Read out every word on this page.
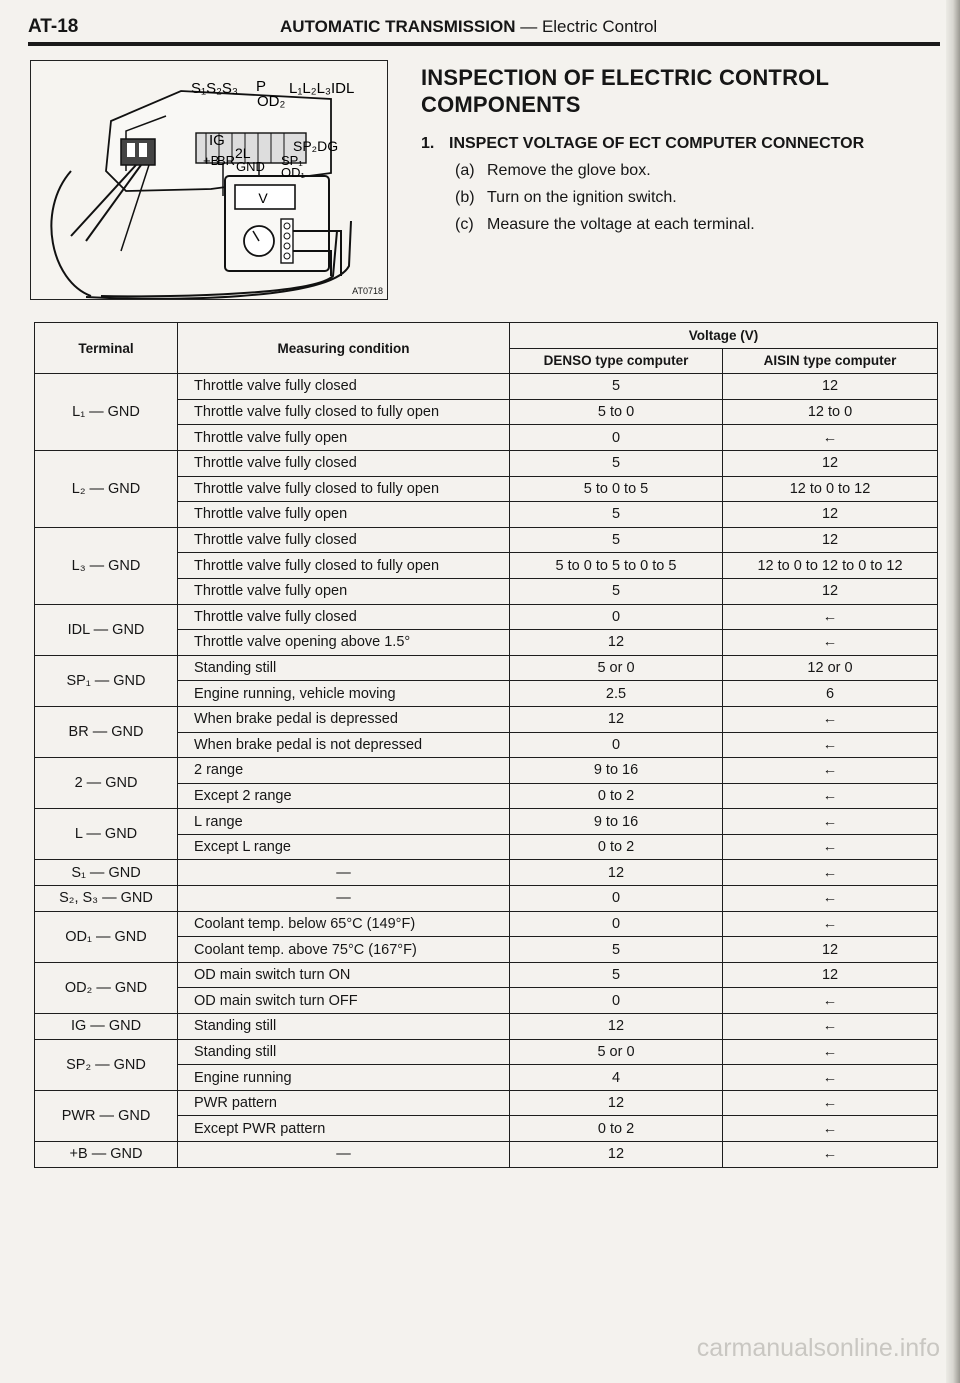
AT-18	AUTOMATIC TRANSMISSION — Electric Control
V
S₁S₂S₃ P L₁L₂L₃IDL
OD₂
IG
2L	SP₂DG
+B
BR GND SP₁
OD₁
AT0718
INSPECTION OF ELECTRIC CONTROL
COMPONENTS
1. INSPECT VOLTAGE OF ECT COMPUTER CONNECTOR
(a) Remove the glove box.
(b) Turn on the ignition switch.
(c) Measure the voltage at each terminal.
Terminal	Measuring condition	Voltage (V)	
		DENSO type computer	AISIN type computer
L₁ — GND	Throttle valve fully closed	5	12
	Throttle valve fully closed to fully open	5 to 0	12 to 0
	Throttle valve fully open	0	←
L₂ — GND	Throttle valve fully closed	5	12
	Throttle valve fully closed to fully open	5 to 0 to 5	12 to 0 to 12
	Throttle valve fully open	5	12
L₃ — GND	Throttle valve fully closed	5	12
	Throttle valve fully closed to fully open	5 to 0 to 5 to 0 to 5	12 to 0 to 12 to 0 to 12
	Throttle valve fully open	5	12
IDL — GND	Throttle valve fully closed	0	←
	Throttle valve opening above 1.5°	12	←
SP₁ — GND	Standing still	5 or 0	12 or 0
	Engine running, vehicle moving	2.5	6
BR — GND	When brake pedal is depressed	12	←
	When brake pedal is not depressed	0	←
2 — GND	2 range	9 to 16	←
	Except 2 range	0 to 2	←
L — GND	L range	9 to 16	←
	Except L range	0 to 2	←
S₁ — GND	—	12	←
S₂, S₃ — GND	—	0	←
OD₁ — GND	Coolant temp. below 65°C (149°F)	0	←
	Coolant temp. above 75°C (167°F)	5	12
OD₂ — GND	OD main switch turn ON	5	12
	OD main switch turn OFF	0	←
IG — GND	Standing still	12	←
SP₂ — GND	Standing still	5 or 0	←
	Engine running	4	←
PWR — GND	PWR pattern	12	←
	Except PWR pattern	0 to 2	←
+B — GND	—	12	←
carmanualsonline.info
